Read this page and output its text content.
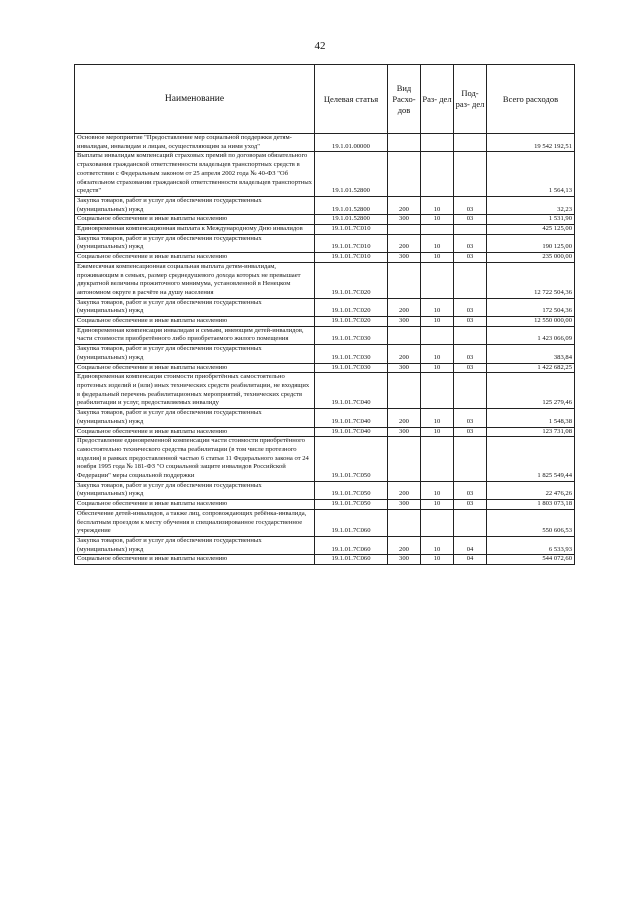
42
Наименование	Целевая статья	Вид Расхо- дов	Раз- дел	Под- раз- дел	Всего расходов
Основное мероприятие "Предоставление мер социальной поддержки детям-инвалидам, инвалидам и лицам, осуществляющим за ними уход"	19.1.01.00000				19 542 192,51
Выплаты инвалидам компенсаций страховых премий по договорам обязательного страхования гражданской ответственности владельцев транспортных средств в соответствии с Федеральным законом от 25 апреля 2002 года № 40-ФЗ "Об обязательном страховании гражданской ответственности владельцев транспортных средств"	19.1.01.52800				1 564,13
Закупка товаров, работ и услуг для обеспечения государственных (муниципальных) нужд	19.1.01.52800	200	10	03	32,23
Социальное обеспечение и иные выплаты населению	19.1.01.52800	300	10	03	1 531,90
Единовременная компенсационная выплата к Международному Дню инвалидов	19.1.01.7С010				425 125,00
Закупка товаров, работ и услуг для обеспечения государственных (муниципальных) нужд	19.1.01.7С010	200	10	03	190 125,00
Социальное обеспечение и иные выплаты населению	19.1.01.7С010	300	10	03	235 000,00
Ежемесячная компенсационная социальная выплата детям-инвалидам, проживающим в семьях, размер среднедушевого дохода которых не превышает двукратной величины прожиточного минимума, установленной в Ненецком автономном округе в расчёте на душу населения	19.1.01.7С020				12 722 504,36
Закупка товаров, работ и услуг для обеспечения государственных (муниципальных) нужд	19.1.01.7С020	200	10	03	172 504,36
Социальное обеспечение и иные выплаты населению	19.1.01.7С020	300	10	03	12 550 000,00
Единовременная компенсация инвалидам и семьям, имеющим детей-инвалидов, части стоимости приобретённого либо приобретаемого жилого помещения	19.1.01.7С030				1 423 066,09
Закупка товаров, работ и услуг для обеспечения государственных (муниципальных) нужд	19.1.01.7С030	200	10	03	383,84
Социальное обеспечение и иные выплаты населению	19.1.01.7С030	300	10	03	1 422 682,25
Единовременная компенсация стоимости приобретённых самостоятельно протезных изделий и (или) иных технических средств реабилитации, не входящих в федеральный перечень реабилитационных мероприятий, технических средств реабилитации и услуг, предоставляемых инвалиду	19.1.01.7С040				125 279,46
Закупка товаров, работ и услуг для обеспечения государственных (муниципальных) нужд	19.1.01.7С040	200	10	03	1 548,38
Социальное обеспечение и иные выплаты населению	19.1.01.7С040	300	10	03	123 731,08
Предоставление единовременной компенсации части стоимости приобретённого самостоятельно технического средства реабилитации (в том числе протезного изделия) в рамках предоставленной частью 6 статьи 11 Федерального закона от 24 ноября 1995 года № 181-ФЗ "О социальной защите инвалидов Российской Федерации" меры социальной поддержки	19.1.01.7С050				1 825 549,44
Закупка товаров, работ и услуг для обеспечения государственных (муниципальных) нужд	19.1.01.7С050	200	10	03	22 476,26
Социальное обеспечение и иные выплаты населению	19.1.01.7С050	300	10	03	1 803 073,18
Обеспечение детей-инвалидов, а также лиц, сопровождающих ребёнка-инвалида, бесплатным проездом к месту обучения в специализированное государственное учреждение	19.1.01.7С060				550 606,53
Закупка товаров, работ и услуг для обеспечения государственных (муниципальных) нужд	19.1.01.7С060	200	10	04	6 533,93
Социальное обеспечение и иные выплаты населению	19.1.01.7С060	300	10	04	544 072,60
